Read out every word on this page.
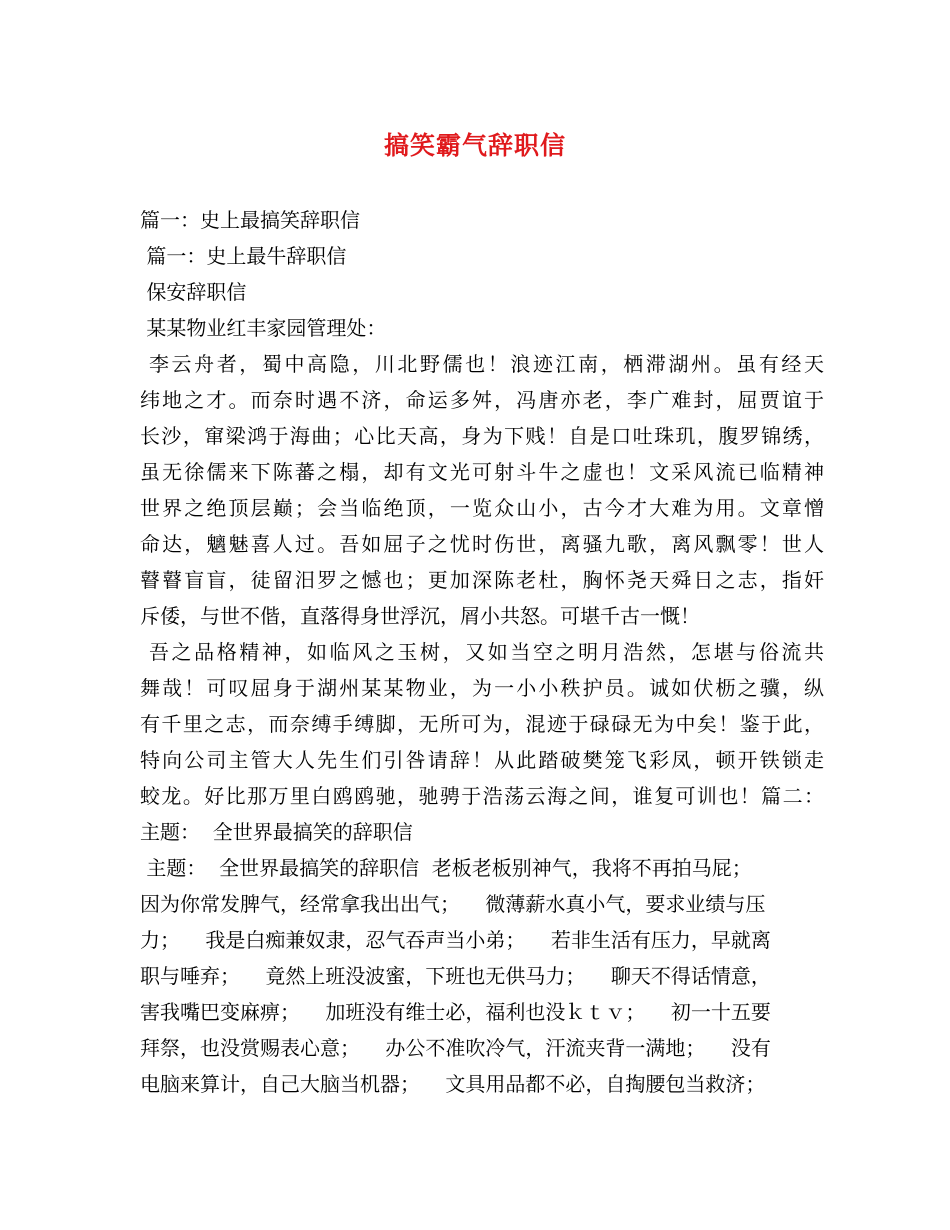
搞笑霸气辞职信
篇一：史上最搞笑辞职信
篇一：史上最牛辞职信
保安辞职信
某某物业红丰家园管理处：
李云舟者，蜀中高隐，川北野儒也！浪迹江南，栖滞湖州。虽有经天
纬地之才。而奈时遇不济，命运多舛，冯唐亦老，李广难封，屈贾谊于
长沙，窜梁鸿于海曲；心比天高，身为下贱！自是口吐珠玑，腹罗锦绣，
虽无徐儒来下陈蕃之榻，却有文光可射斗牛之虚也！文采风流已临精神
世界之绝顶层巅；会当临绝顶，一览众山小，古今才大难为用。文章憎
命达，魑魅喜人过。吾如屈子之忧时伤世，离骚九歌，离风飘零！世人
瞽瞽盲盲，徒留汨罗之憾也；更加深陈老杜，胸怀尧天舜日之志，指奸
斥倭，与世不偕，直落得身世浮沉，屑小共怒。可堪千古一慨！
吾之品格精神，如临风之玉树，又如当空之明月浩然，怎堪与俗流共
舞哉！可叹屈身于湖州某某物业，为一小小秩护员。诚如伏枥之骥，纵
有千里之志，而奈缚手缚脚，无所可为，混迹于碌碌无为中矣！鉴于此，
特向公司主管大人先生们引咎请辞！从此踏破樊笼飞彩凤，顿开铁锁走
蛟龙。好比那万里白鸥鸥驰，驰骋于浩荡云海之间，谁复可训也！篇二：
主题：  全世界最搞笑的辞职信
主题：  全世界最搞笑的辞职信  老板老板别神气，我将不再拍马屁；
因为你常发脾气，经常拿我出出气；    微薄薪水真小气，要求业绩与压
力；    我是白痴兼奴隶，忍气吞声当小弟；    若非生活有压力，早就离
职与唾弃；    竟然上班没波蜜，下班也无供马力；    聊天不得话情意，
害我嘴巴变麻痹；    加班没有维士必，福利也没ｋｔｖ；    初一十五要
拜祭，也没赏赐表心意；    办公不准吹冷气，汗流夹背一满地；    没有
电脑来算计，自己大脑当机器；    文具用品都不必，自掏腰包当救济；
